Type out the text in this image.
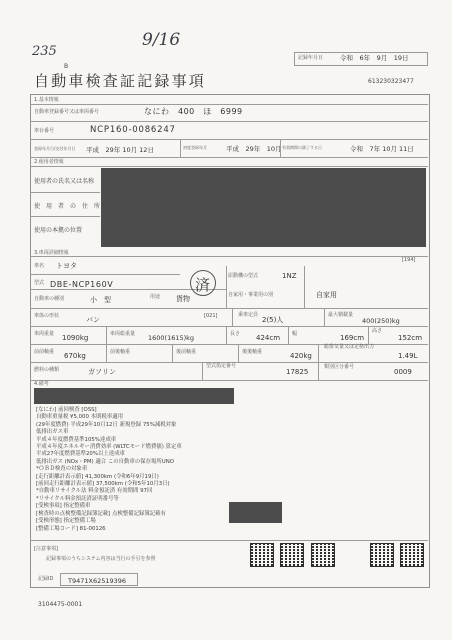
9/16
235
B
記録年月日	令和　6年　9月　19日
自動車検査証記録事項	613230323477
1.基本情報
自動車登録番号又は車両番号	なにわ　400　ほ　6999
車台番号	NCP160-0086247
登録年月日/交付年月日 平成　29年 10月 12日	初度登録年月	平成　29年　10月 有効期間の満了する日	令和　7年 10月 11日
2.使用者情報
使用者の氏名又は名称
使　用　者　の　住　所
使用の本拠の位置
3.車両詳細情報
[194]
車名 トヨタ
型式 DBE-NCP160V
原動機の型式	1NZ
自家用・事業用の別	自家用
自動車の種別	小　型	用途 貨物
車体の形状	バン	[021]	乗車定員
2(5)人
最大積載量
400(250)kg
車両重量 1090kg	車両総重量 1600(1615)kg	長さ 424cm 幅	169cm
高さ
152cm
前前軸重 670kg	前後軸重	後前軸重	後後軸重	420kg
総排気量又は定格出力
1.49L
燃料の種類	ガソリン
型式指定番号
17825
類別区分番号
0009
済
4.備考
[なにわ] 前回検査 [OSS]
自動車重量税 ¥5,000 本則税率適用
(29年度燃費) 平成29年10月12日 新規登録 75%減税対象
低排出ガス車
平成４年度燃費基準105%達成車
平成４年度エネルギー消費効率 (WLTCモード燃費値) 算定車
平成27年度燃費基準20%以上達成車
低排出ガス (NOx・PM) 適合 この自動車の保存場所UNO
*ＯＢＤ検査の対象車
[走行距離計表示値] 41,300km (令和6年9月19日)
[前回走行距離計表示値] 37,500km (令和5年10月3日)
*自動車リサイクル法 料金預託済 有効期間 97回
*リサイクル料金預託済証明番号等
[受検事項] 指定整備車
[検査時の点検整備記録簿記載] 点検整備記録簿記載有
[受検形態] 指定整備工場
[整備工場コード] 81-00126
[注意事項]
記録事項のうちシステム内容は当行の手引を参照
記録ID T9471X62519396
3104475-0001
